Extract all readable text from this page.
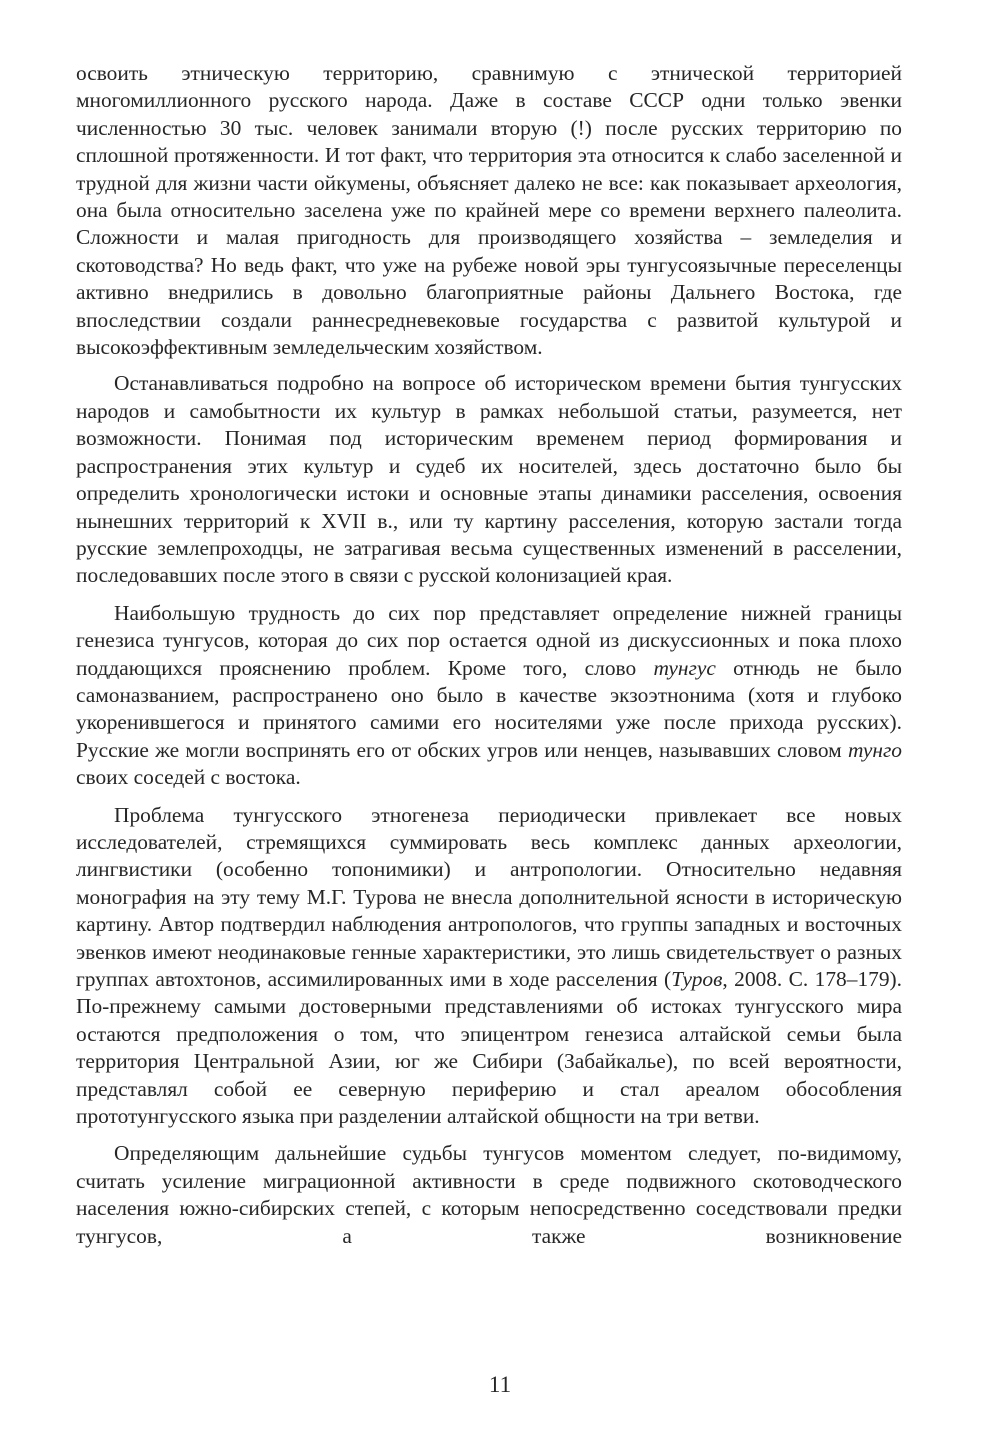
освоить этническую территорию, сравнимую с этнической территорией многомиллионного русского народа. Даже в составе СССР одни только эвенки численностью 30 тыс. человек занимали вторую (!) после русских территорию по сплошной протяженности. И тот факт, что территория эта относится к слабо заселенной и трудной для жизни части ойкумены, объясняет далеко не все: как показывает археология, она была относительно заселена уже по крайней мере со времени верхнего палеолита. Сложности и малая пригодность для производящего хозяйства – земледелия и скотоводства? Но ведь факт, что уже на рубеже новой эры тунгусоязычные переселенцы активно внедрились в довольно благоприятные районы Дальнего Востока, где впоследствии создали раннесредневековые государства с развитой культурой и высокоэффективным земледельческим хозяйством.

Останавливаться подробно на вопросе об историческом времени бытия тунгусских народов и самобытности их культур в рамках небольшой статьи, разумеется, нет возможности. Понимая под историческим временем период формирования и распространения этих культур и судеб их носителей, здесь достаточно было бы определить хронологически истоки и основные этапы динамики расселения, освоения нынешних территорий к XVII в., или ту картину расселения, которую застали тогда русские землепроходцы, не затрагивая весьма существенных изменений в расселении, последовавших после этого в связи с русской колонизацией края.

Наибольшую трудность до сих пор представляет определение нижней границы генезиса тунгусов, которая до сих пор остается одной из дискуссионных и пока плохо поддающихся прояснению проблем. Кроме того, слово тунгус отнюдь не было самоназванием, распространено оно было в качестве экзоэтнонима (хотя и глубоко укоренившегося и принятого самими его носителями уже после прихода русских). Русские же могли воспринять его от обских угров или ненцев, называвших словом тунго своих соседей с востока.

Проблема тунгусского этногенеза периодически привлекает все новых исследователей, стремящихся суммировать весь комплекс данных археологии, лингвистики (особенно топонимики) и антропологии. Относительно недавняя монография на эту тему М.Г. Турова не внесла дополнительной ясности в историческую картину. Автор подтвердил наблюдения антропологов, что группы западных и восточных эвенков имеют неодинаковые генные характеристики, это лишь свидетельствует о разных группах автохтонов, ассимилированных ими в ходе расселения (Туров, 2008. С. 178–179). По-прежнему самыми достоверными представлениями об истоках тунгусского мира остаются предположения о том, что эпицентром генезиса алтайской семьи была территория Центральной Азии, юг же Сибири (Забайкалье), по всей вероятности, представлял собой ее северную периферию и стал ареалом обособления прототунгусского языка при разделении алтайской общности на три ветви.

Определяющим дальнейшие судьбы тунгусов моментом следует, по-видимому, считать усиление миграционной активности в среде подвижного скотоводческого населения южно-сибирских степей, с которым непосредственно соседствовали предки тунгусов, а также возникновение

11
